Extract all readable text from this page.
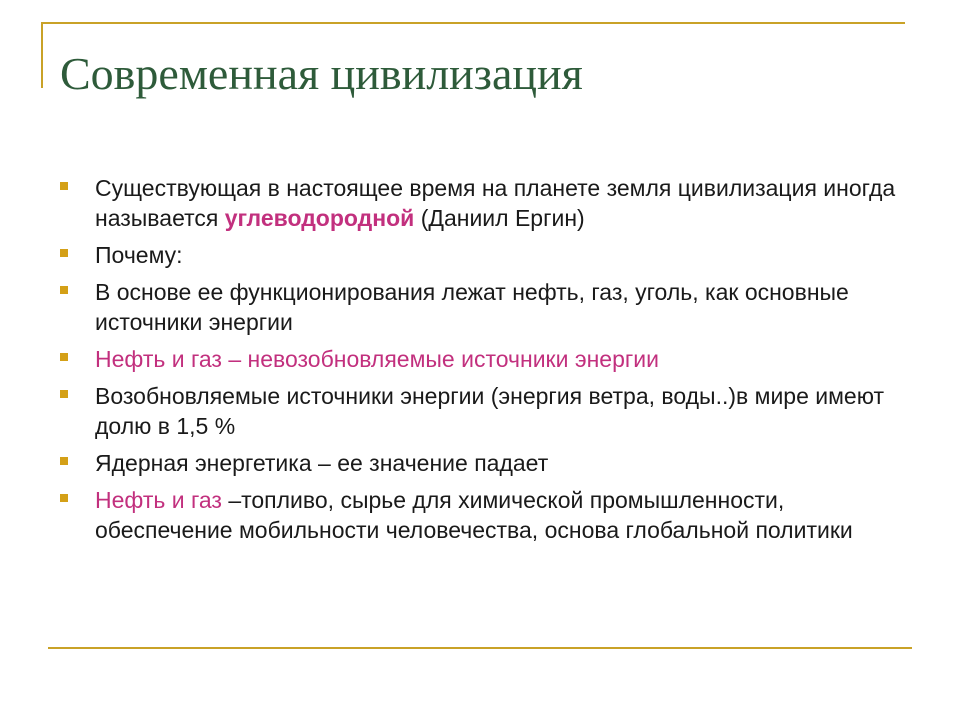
Современная цивилизация
Существующая в настоящее время на планете земля цивилизация иногда называется углеводородной (Даниил Ергин)
Почему:
В основе ее функционирования лежат нефть, газ, уголь, как основные источники энергии
Нефть и газ – невозобновляемые источники энергии
Возобновляемые источники энергии (энергия ветра, воды..)в мире имеют долю в 1,5 %
Ядерная энергетика – ее значение падает
Нефть и газ –топливо, сырье для химической промышленности, обеспечение мобильности человечества, основа глобальной политики
